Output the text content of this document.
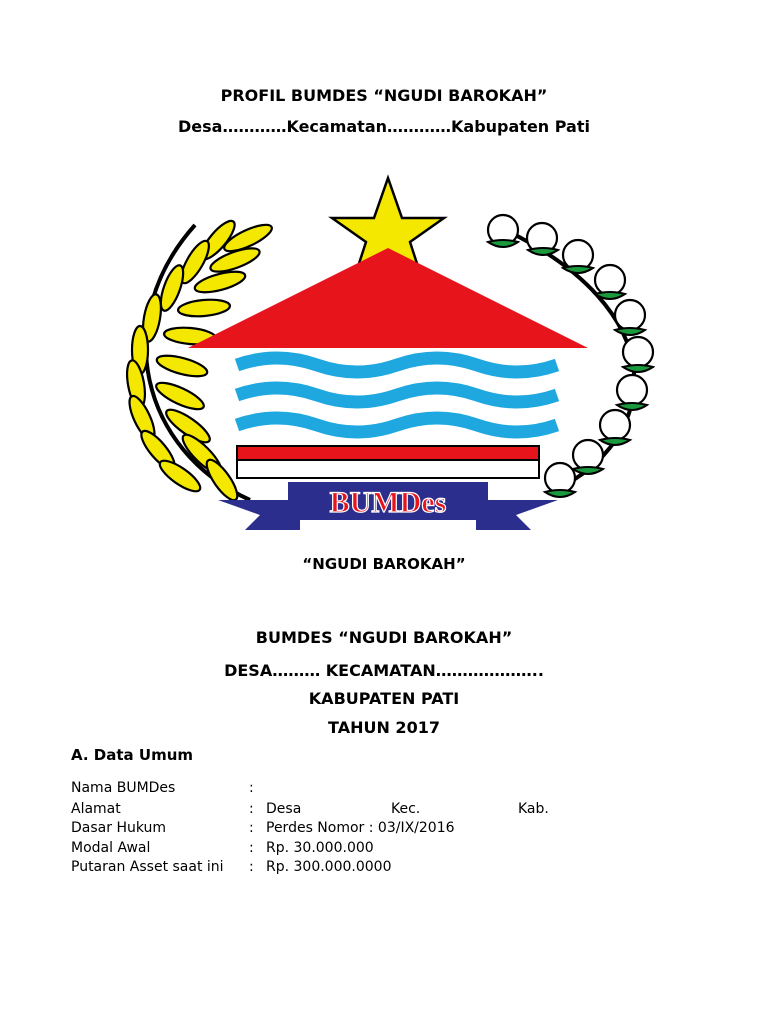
PROFIL BUMDES “NGUDI BAROKAH”
Desa…………Kecamatan…………Kabupaten Pati
BUMDes
“NGUDI BAROKAH”
BUMDES “NGUDI BAROKAH”
DESA……… KECAMATAN………………..
KABUPATEN PATI
TAHUN 2017
A. Data Umum
Nama BUMDes	:
Alamat	: Desa	Kec.	Kab.
Dasar Hukum	: Perdes Nomor : 03/IX/2016
Modal Awal	: Rp. 30.000.000
Putaran Asset saat ini : Rp. 300.000.0000
